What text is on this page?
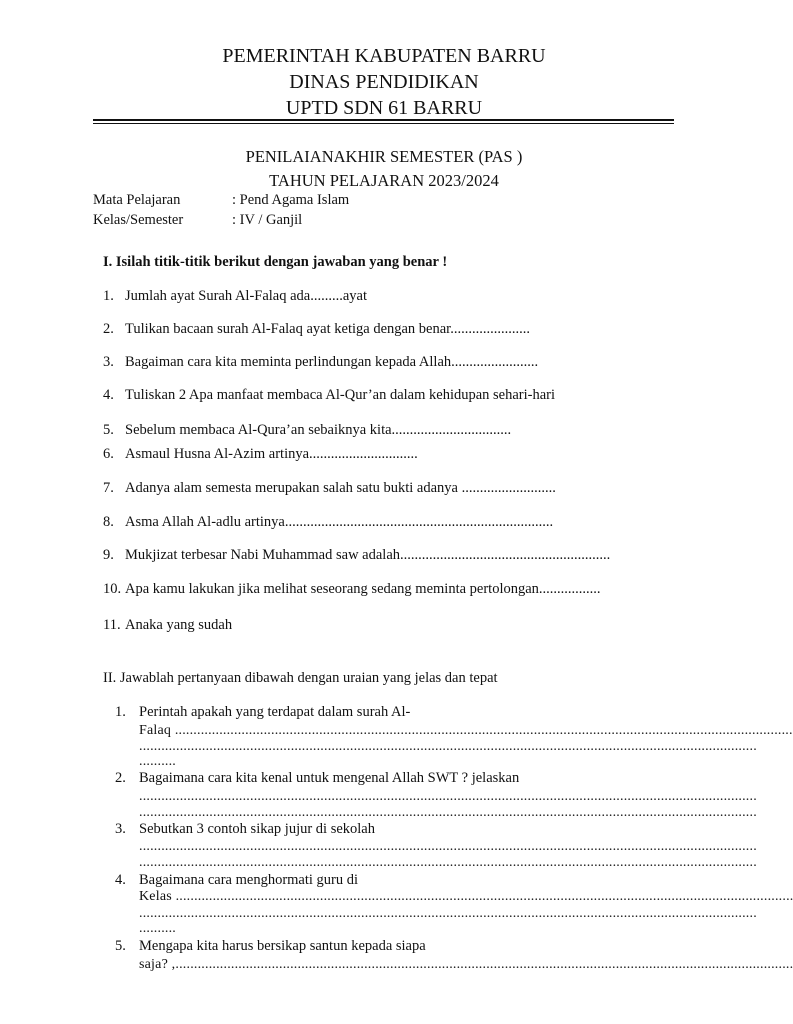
PEMERINTAH KABUPATEN BARRU
DINAS PENDIDIKAN
UPTD SDN 61 BARRU
PENILAIANAKHIR SEMESTER (PAS )
TAHUN PELAJARAN 2023/2024
Mata Pelajaran	: Pend Agama Islam
Kelas/Semester	: IV / Ganjil
I. Isilah titik-titik berikut dengan jawaban yang benar !
1. Jumlah ayat Surah Al-Falaq ada.........ayat
2. Tulikan bacaan surah Al-Falaq ayat ketiga dengan benar......................
3. Bagaiman cara kita meminta perlindungan kepada Allah........................
4. Tuliskan 2 Apa manfaat membaca Al-Qur’an dalam kehidupan sehari-hari
5. Sebelum membaca Al-Qura’an sebaiknya kita.................................
6. Asmaul Husna Al-Azim artinya..............................
7. Adanya alam semesta merupakan salah satu bukti adanya ..........................
8. Asma Allah Al-adlu artinya..........................................................................
9. Mukjizat terbesar Nabi Muhammad saw adalah..........................................................
10. Apa kamu lakukan jika melihat seseorang sedang meminta pertolongan.................
11. Anaka yang sudah
II. Jawablah pertanyaan dibawah dengan uraian yang jelas dan tepat
1. Perintah apakah yang terdapat dalam surah Al-
Falaq .......................................................................................................................................................................
.......................................................................................................................................................................
..........
2. Bagaimana cara kita kenal untuk mengenal Allah SWT ? jelaskan
.......................................................................................................................................................................
.......................................................................................................................................................................
3. Sebutkan 3 contoh sikap jujur di sekolah
.......................................................................................................................................................................
.......................................................................................................................................................................
4. Bagaimana cara menghormati guru di
Kelas .......................................................................................................................................................................
.......................................................................................................................................................................
..........
5. Mengapa kita harus bersikap santun kepada siapa
saja? ,.......................................................................................................................................................................
